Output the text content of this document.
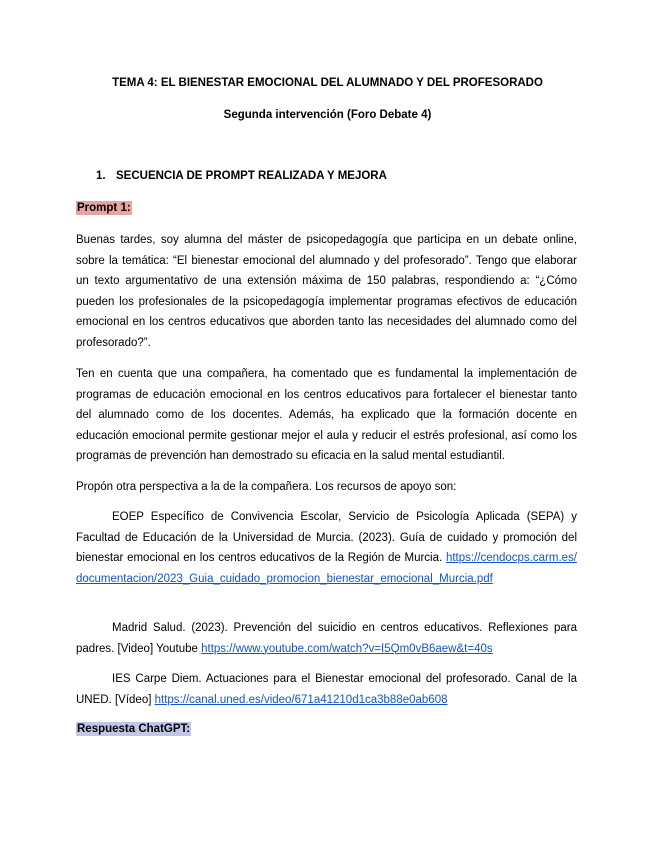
TEMA 4: EL BIENESTAR EMOCIONAL DEL ALUMNADO Y DEL PROFESORADO
Segunda intervención (Foro Debate 4)
1. SECUENCIA DE PROMPT REALIZADA Y MEJORA
Prompt 1:
Buenas tardes, soy alumna del máster de psicopedagogía que participa en un debate online, sobre la temática: “El bienestar emocional del alumnado y del profesorado”. Tengo que elaborar un texto argumentativo de una extensión máxima de 150 palabras, respondiendo a: “¿Cómo pueden los profesionales de la psicopedagogía implementar programas efectivos de educación emocional en los centros educativos que aborden tanto las necesidades del alumnado como del profesorado?”.
Ten en cuenta que una compañera, ha comentado que es fundamental la implementación de programas de educación emocional en los centros educativos para fortalecer el bienestar tanto del alumnado como de los docentes. Además, ha explicado que la formación docente en educación emocional permite gestionar mejor el aula y reducir el estrés profesional, así como los programas de prevención han demostrado su eficacia en la salud mental estudiantil.
Propón otra perspectiva a la de la compañera. Los recursos de apoyo son:
EOEP Específico de Convivencia Escolar, Servicio de Psicología Aplicada (SEPA) y Facultad de Educación de la Universidad de Murcia. (2023). Guía de cuidado y promoción del bienestar emocional en los centros educativos de la Región de Murcia. https://cendocps.carm.es/documentacion/2023_Guia_cuidado_promocion_bienestar_emocional_Murcia.pdf
Madrid Salud. (2023). Prevención del suicidio en centros educativos. Reflexiones para padres. [Video] Youtube https://www.youtube.com/watch?v=I5Qm0vB6aew&t=40s
IES Carpe Diem. Actuaciones para el Bienestar emocional del profesorado. Canal de la UNED. [Vídeo] https://canal.uned.es/video/671a41210d1ca3b88e0ab608
Respuesta ChatGPT:
